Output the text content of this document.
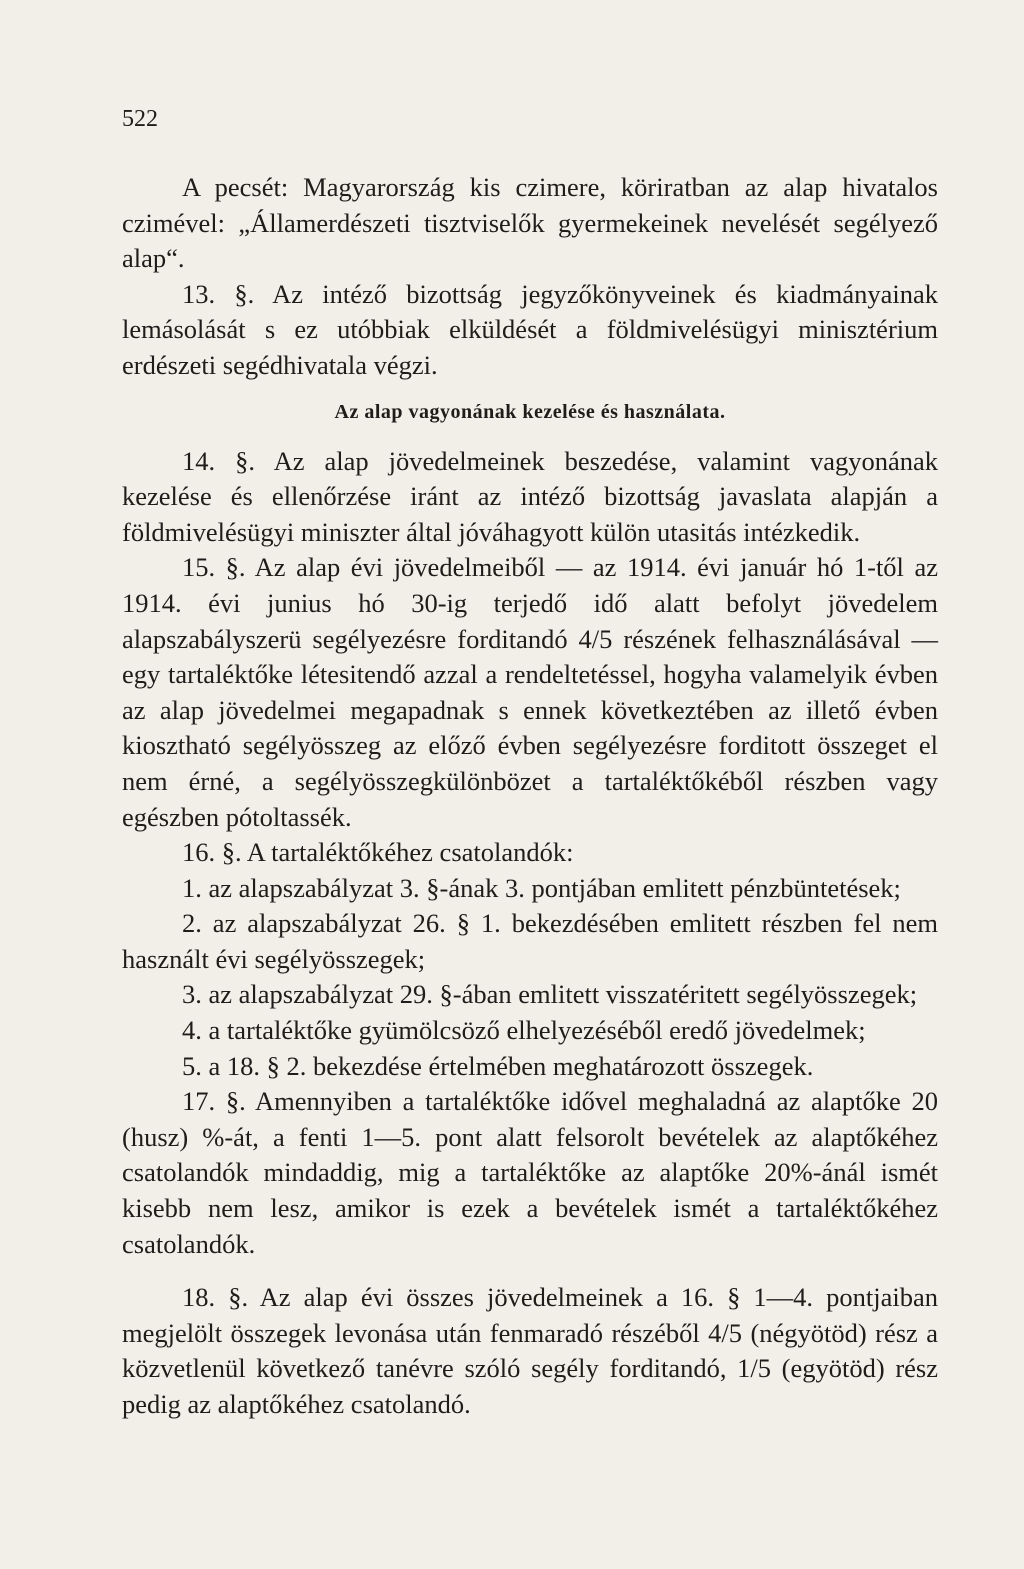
522

A pecsét: Magyarország kis czimere, köriratban az alap hivatalos czimével: „Államerdészeti tisztviselők gyermekeinek nevelését segélyező alap“.

13. §. Az intéző bizottság jegyzőkönyveinek és kiadmányainak lemásolását s ez utóbbiak elküldését a földmivelésügyi minisztérium erdészeti segédhivatala végzi.

Az alap vagyonának kezelése és használata.

14. §. Az alap jövedelmeinek beszedése, valamint vagyonának kezelése és ellenőrzése iránt az intéző bizottság javaslata alapján a földmivelésügyi miniszter által jóváhagyott külön utasitás intézkedik.

15. §. Az alap évi jövedelmeiből — az 1914. évi január hó 1-től az 1914. évi junius hó 30-ig terjedő idő alatt befolyt jövedelem alapszabályszerü segélyezésre forditandó 4/5 részének felhasználásával — egy tartaléktőke létesitendő azzal a rendeltetéssel, hogyha valamelyik évben az alap jövedelmei megapadnak s ennek következtében az illető évben kiosztható segélyösszeg az előző évben segélyezésre forditott összeget el nem érné, a segélyösszegkülönbözet a tartaléktőkéből részben vagy egészben pótoltassék.

16. §. A tartaléktőkéhez csatolandók:

1. az alapszabályzat 3. §-ának 3. pontjában emlitett pénzbüntetések;

2. az alapszabályzat 26. § 1. bekezdésében emlitett részben fel nem használt évi segélyösszegek;

3. az alapszabályzat 29. §-ában emlitett visszatéritett segélyösszegek;

4. a tartaléktőke gyümölcsöző elhelyezéséből eredő jövedelmek;

5. a 18. § 2. bekezdése értelmében meghatározott összegek.

17. §. Amennyiben a tartaléktőke idővel meghaladná az alaptőke 20 (husz) %-át, a fenti 1—5. pont alatt felsorolt bevételek az alaptőkéhez csatolandók mindaddig, mig a tartaléktőke az alaptőke 20%-ánál ismét kisebb nem lesz, amikor is ezek a bevételek ismét a tartaléktőkéhez csatolandók.

18. §. Az alap évi összes jövedelmeinek a 16. § 1—4. pontjaiban megjelölt összegek levonása után fenmaradó részéből 4/5 (négyötöd) rész a közvetlenül következő tanévre szóló segély forditandó, 1/5 (egyötöd) rész pedig az alaptőkéhez csatolandó.
